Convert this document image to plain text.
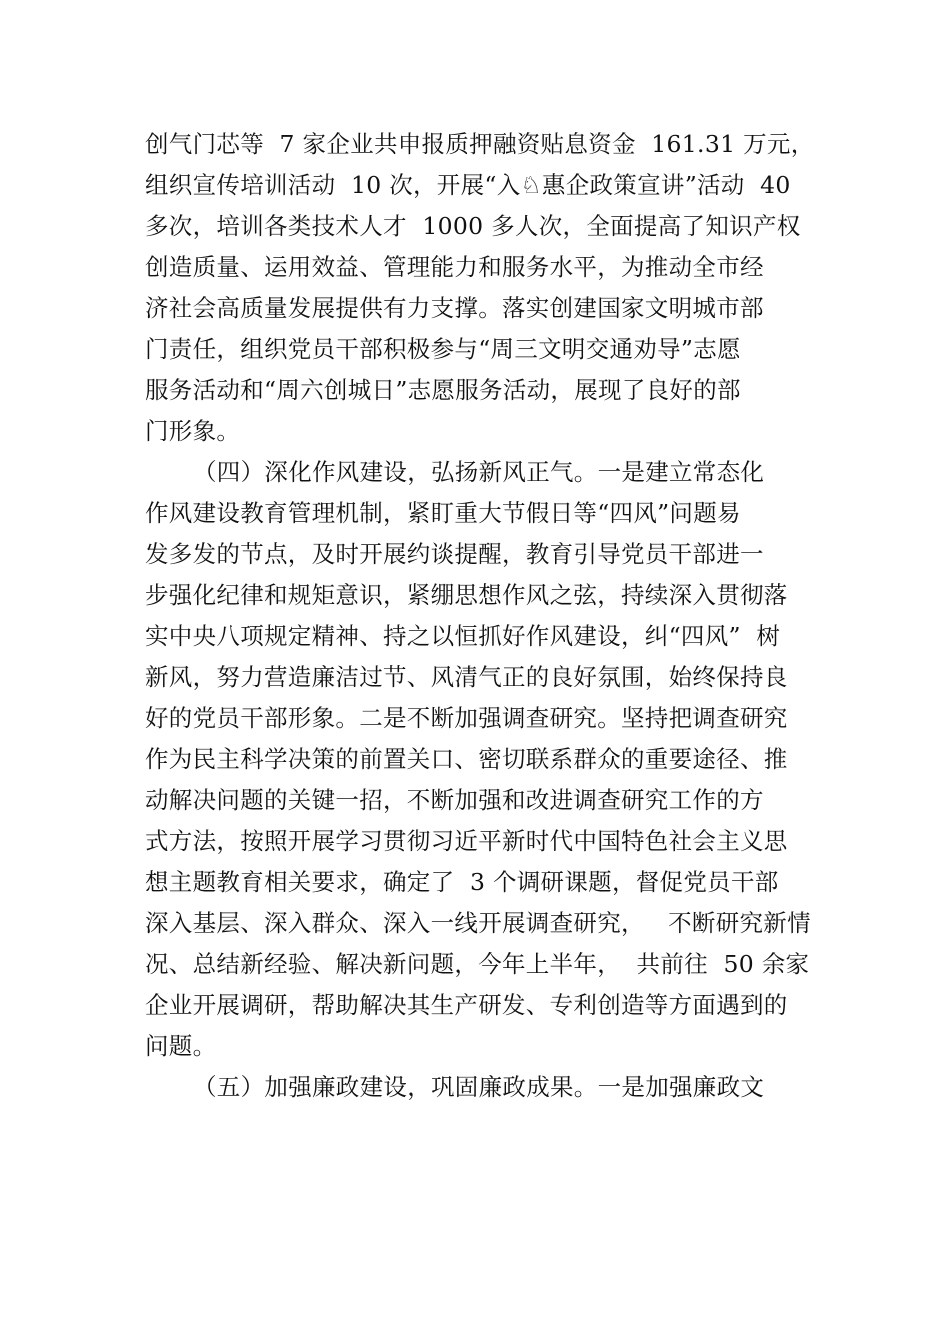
创气门芯等  7 家企业共申报质押融资贴息资金  161.31 万元，
组织宣传培训活动  10 次，开展“入♘惠企政策宣讲”活动  40
多次，培训各类技术人才  1000 多人次，全面提高了知识产权
创造质量、运用效益、管理能力和服务水平，为推动全市经
济社会高质量发展提供有力支撑。落实创建国家文明城市部
门责任，组织党员干部积极参与“周三文明交通劝导”志愿
服务活动和“周六创城日”志愿服务活动，展现了良好的部
门形象。
（四）深化作风建设，弘扬新风正气。一是建立常态化
作风建设教育管理机制，紧盯重大节假日等“四风”问题易
发多发的节点，及时开展约谈提醒，教育引导党员干部进一
步强化纪律和规矩意识，紧绷思想作风之弦，持续深入贯彻落
实中央八项规定精神、持之以恒抓好作风建设，纠“四风”  树
新风，努力营造廉洁过节、风清气正的良好氛围，始终保持良
好的党员干部形象。二是不断加强调查研究。坚持把调查研究
作为民主科学决策的前置关口、密切联系群众的重要途径、推
动解决问题的关键一招，不断加强和改进调查研究工作的方
式方法，按照开展学习贯彻习近平新时代中国特色社会主义思
想主题教育相关要求，确定了  3 个调研课题，督促党员干部
深入基层、深入群众、深入一线开展调查研究，   不断研究新情
况、总结新经验、解决新问题，今年上半年，  共前往  50 余家
企业开展调研，帮助解决其生产研发、专利创造等方面遇到的
问题。
（五）加强廉政建设，巩固廉政成果。一是加强廉政文
